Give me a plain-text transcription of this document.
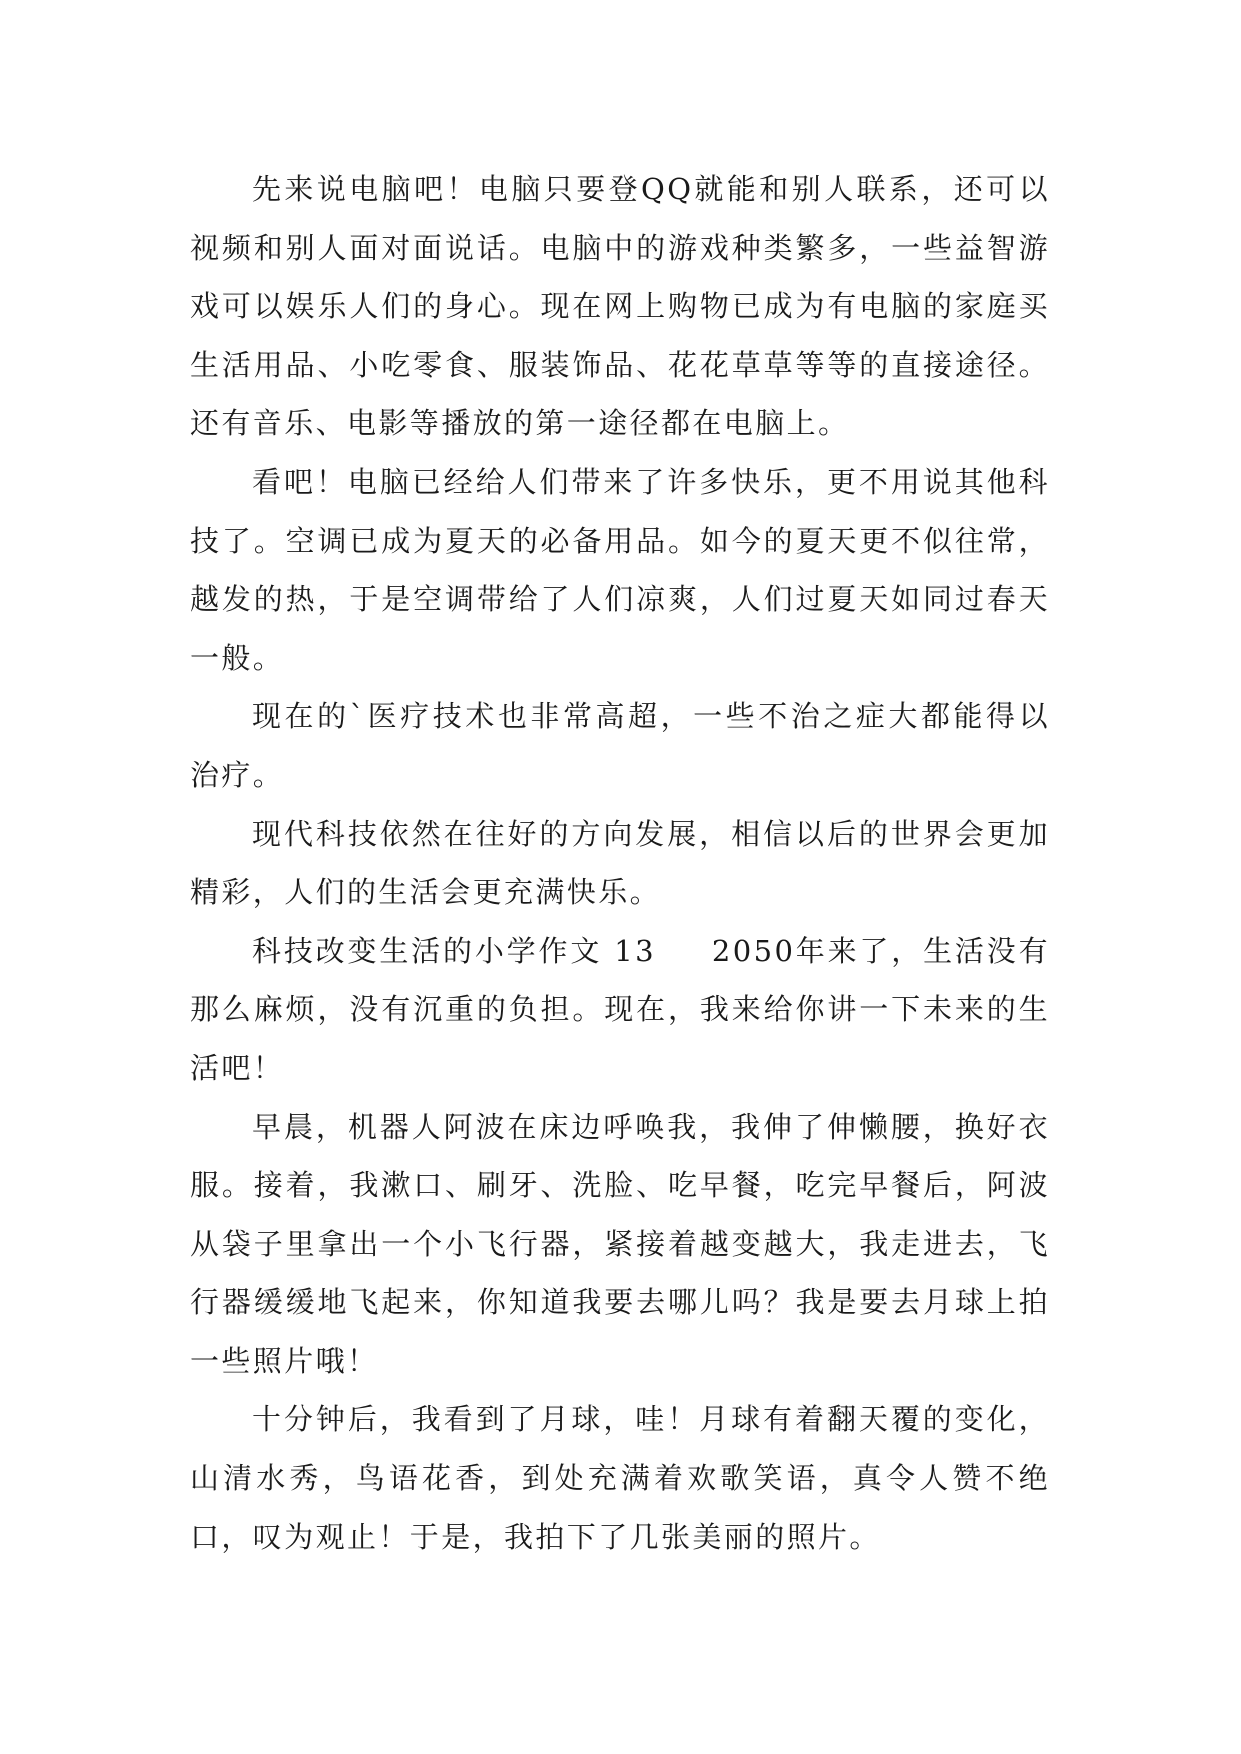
先来说电脑吧！电脑只要登QQ就能和别人联系，还可以视频和别人面对面说话。电脑中的游戏种类繁多，一些益智游戏可以娱乐人们的身心。现在网上购物已成为有电脑的家庭买生活用品、小吃零食、服装饰品、花花草草等等的直接途径。还有音乐、电影等播放的第一途径都在电脑上。

看吧！电脑已经给人们带来了许多快乐，更不用说其他科技了。空调已成为夏天的必备用品。如今的夏天更不似往常，越发的热，于是空调带给了人们凉爽，人们过夏天如同过春天一般。

现在的`医疗技术也非常高超，一些不治之症大都能得以治疗。

现代科技依然在往好的方向发展，相信以后的世界会更加精彩，人们的生活会更充满快乐。

科技改变生活的小学作文 13 2050年来了，生活没有那么麻烦，没有沉重的负担。现在，我来给你讲一下未来的生活吧！

早晨，机器人阿波在床边呼唤我，我伸了伸懒腰，换好衣服。接着，我漱口、刷牙、洗脸、吃早餐，吃完早餐后，阿波从袋子里拿出一个小飞行器，紧接着越变越大，我走进去，飞行器缓缓地飞起来，你知道我要去哪儿吗？我是要去月球上拍一些照片哦！

十分钟后，我看到了月球，哇！月球有着翻天覆的变化，山清水秀，鸟语花香，到处充满着欢歌笑语，真令人赞不绝口，叹为观止！于是，我拍下了几张美丽的照片。
